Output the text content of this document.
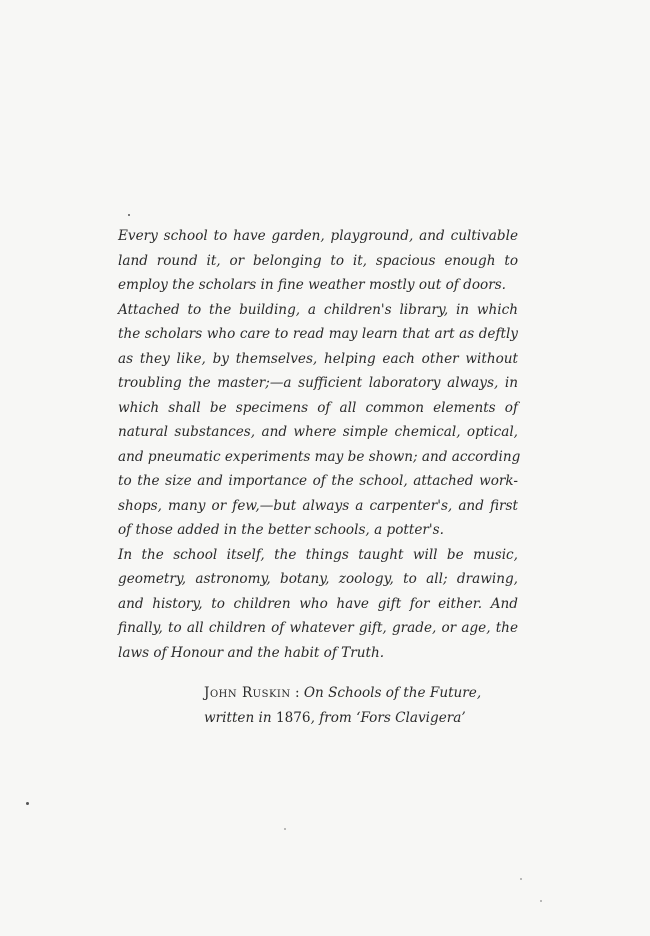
Every school to have garden, playground, and cultivable
land round it, or belonging to it, spacious enough to
employ the scholars in fine weather mostly out of doors.

Attached to the building, a children's library, in which
the scholars who care to read may learn that art as deftly
as they like, by themselves, helping each other without
troubling the master;—a sufficient laboratory always, in
which shall be specimens of all common elements of
natural substances, and where simple chemical, optical,
and pneumatic experiments may be shown; and according
to the size and importance of the school, attached work-
shops, many or few,—but always a carpenter's, and first
of those added in the better schools, a potter's.

In the school itself, the things taught will be music,
geometry, astronomy, botany, zoology, to all; drawing,
and history, to children who have gift for either. And
finally, to all children of whatever gift, grade, or age, the
laws of Honour and the habit of Truth.

John Ruskin : On Schools of the Future,
written in 1876, from ‘Fors Clavigera’
